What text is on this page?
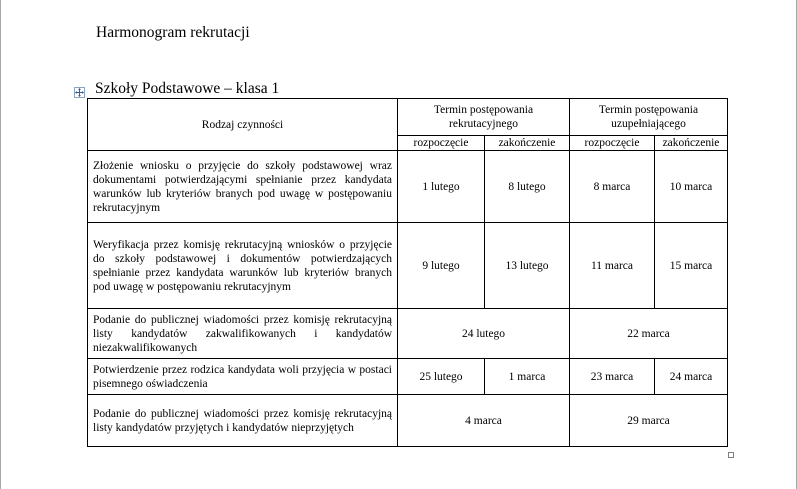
Harmonogram rekrutacji
Szkoły Podstawowe – klasa 1
Rodzaj czynności	Termin postępowania rekrutacyjnego		Termin postępowania uzupełniającego	
	rozpoczęcie	zakończenie	rozpoczęcie	zakończenie
Złożenie wniosku o przyjęcie do szkoły podstawowej wraz dokumentami potwierdzającymi spełnianie przez kandydata warunków lub kryteriów branych pod uwagę w postępowaniu rekrutacyjnym	1 lutego	8 lutego	8 marca	10 marca
Weryfikacja przez komisję rekrutacyjną wniosków o przyjęcie do szkoły podstawowej i dokumentów potwierdzających spełnianie przez kandydata warunków lub kryteriów branych pod uwagę w postępowaniu rekrutacyjnym	9 lutego	13 lutego	11 marca	15 marca
Podanie do publicznej wiadomości przez komisję rekrutacyjną listy kandydatów zakwalifikowanych i kandydatów niezakwalifikowanych	24 lutego		22 marca	
Potwierdzenie przez rodzica kandydata woli przyjęcia w postaci pisemnego oświadczenia	25 lutego	1 marca	23 marca	24 marca
Podanie do publicznej wiadomości przez komisję rekrutacyjną listy kandydatów przyjętych i kandydatów nieprzyjętych	4 marca		29 marca	
